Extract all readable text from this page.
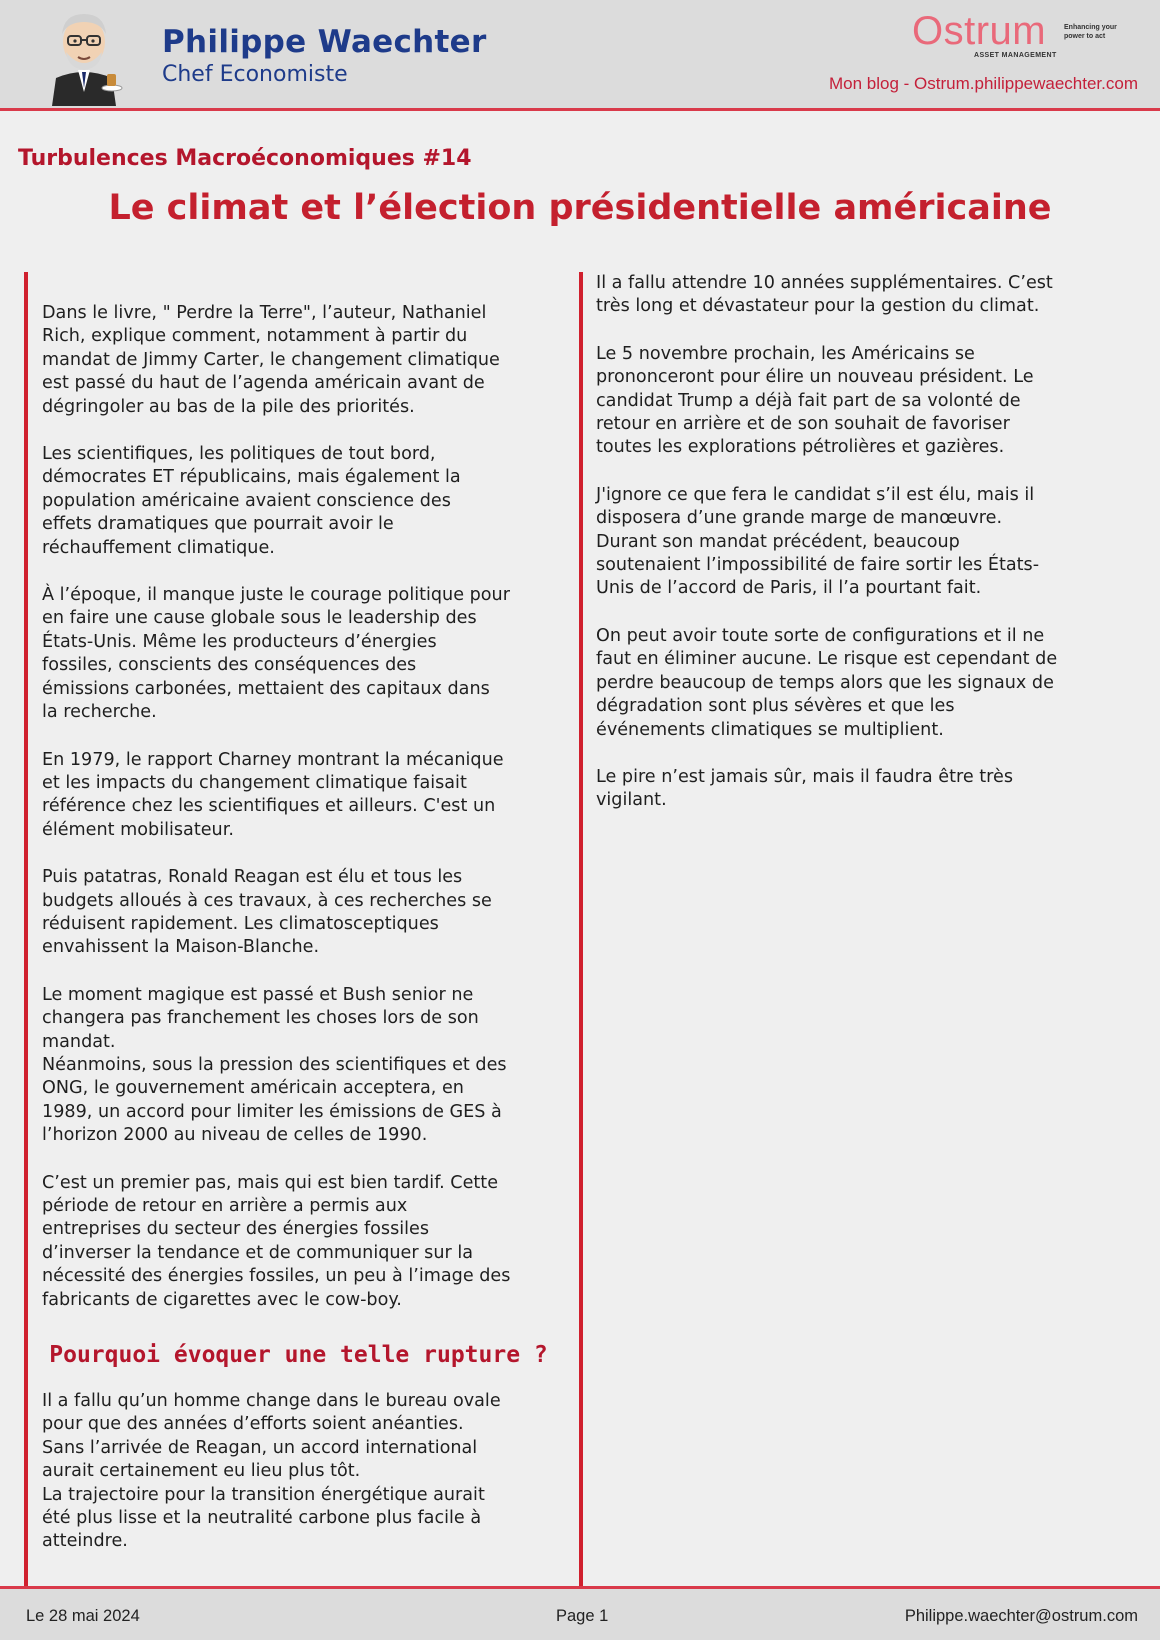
Philippe Waechter
Chef Economiste
Ostrum
ASSET MANAGEMENT
Enhancing your power to act
Mon blog - Ostrum.philippewaechter.com
Turbulences Macroéconomiques #14
Le climat et l’élection présidentielle américaine

Dans le livre, " Perdre la Terre", l’auteur, Nathaniel
Rich, explique comment, notamment à partir du
mandat de Jimmy Carter, le changement climatique
est passé du haut de l’agenda américain avant de
dégringoler au bas de la pile des priorités.

Les scientifiques, les politiques de tout bord,
démocrates ET républicains, mais également la
population américaine avaient conscience des
effets dramatiques que pourrait avoir le
réchauffement climatique.

À l’époque, il manque juste le courage politique pour
en faire une cause globale sous le leadership des
États-Unis. Même les producteurs d’énergies
fossiles, conscients des conséquences des
émissions carbonées, mettaient des capitaux dans
la recherche.

En 1979, le rapport Charney montrant la mécanique
et les impacts du changement climatique faisait
référence chez les scientifiques et ailleurs. C'est un
élément mobilisateur.

Puis patatras, Ronald Reagan est élu et tous les
budgets alloués à ces travaux, à ces recherches se
réduisent rapidement. Les climatosceptiques
envahissent la Maison-Blanche.

Le moment magique est passé et Bush senior ne
changera pas franchement les choses lors de son
mandat.
Néanmoins, sous la pression des scientifiques et des
ONG, le gouvernement américain acceptera, en
1989, un accord pour limiter les émissions de GES à
l’horizon 2000 au niveau de celles de 1990.

C’est un premier pas, mais qui est bien tardif. Cette
période de retour en arrière a permis aux
entreprises du secteur des énergies fossiles
d’inverser la tendance et de communiquer sur la
nécessité des énergies fossiles, un peu à l’image des
fabricants de cigarettes avec le cow-boy.

Pourquoi évoquer une telle rupture ?

Il a fallu qu’un homme change dans le bureau ovale
pour que des années d’efforts soient anéanties.
Sans l’arrivée de Reagan, un accord international
aurait certainement eu lieu plus tôt.
La trajectoire pour la transition énergétique aurait
été plus lisse et la neutralité carbone plus facile à
atteindre.

Il a fallu attendre 10 années supplémentaires. C’est
très long et dévastateur pour la gestion du climat.

Le 5 novembre prochain, les Américains se
prononceront pour élire un nouveau président. Le
candidat Trump a déjà fait part de sa volonté de
retour en arrière et de son souhait de favoriser
toutes les explorations pétrolières et gazières.

J'ignore ce que fera le candidat s’il est élu, mais il
disposera d’une grande marge de manœuvre.
Durant son mandat précédent, beaucoup
soutenaient l’impossibilité de faire sortir les États-
Unis de l’accord de Paris, il l’a pourtant fait.

On peut avoir toute sorte de configurations et il ne
faut en éliminer aucune. Le risque est cependant de
perdre beaucoup de temps alors que les signaux de
dégradation sont plus sévères et que les
événements climatiques se multiplient.

Le pire n’est jamais sûr, mais il faudra être très
vigilant.

Le 28 mai 2024	Page 1	Philippe.waechter@ostrum.com
